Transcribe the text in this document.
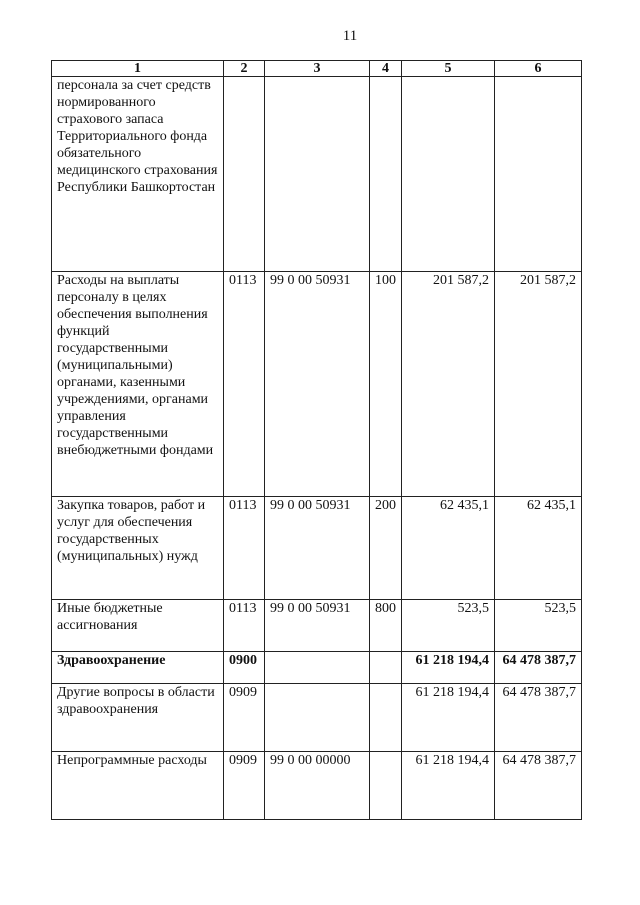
11
1	2	3	4	5	6
персонала за счет средств нормированного страхового запаса Территориального фонда обязательного медицинского страхования Республики Башкортостан					
Расходы на выплаты персоналу в целях обеспечения выполнения функций государственными (муниципальными) органами, казенными учреждениями, органами управления государственными внебюджетными фондами	0113	99 0 00 50931	100	201 587,2	201 587,2
Закупка товаров, работ и услуг для обеспечения государственных (муниципальных) нужд	0113	99 0 00 50931	200	62 435,1	62 435,1
Иные бюджетные ассигнования	0113	99 0 00 50931	800	523,5	523,5
Здравоохранение	0900			61 218 194,4	64 478 387,7
Другие вопросы в области здравоохранения	0909			61 218 194,4	64 478 387,7
Непрограммные расходы	0909	99 0 00 00000		61 218 194,4	64 478 387,7
